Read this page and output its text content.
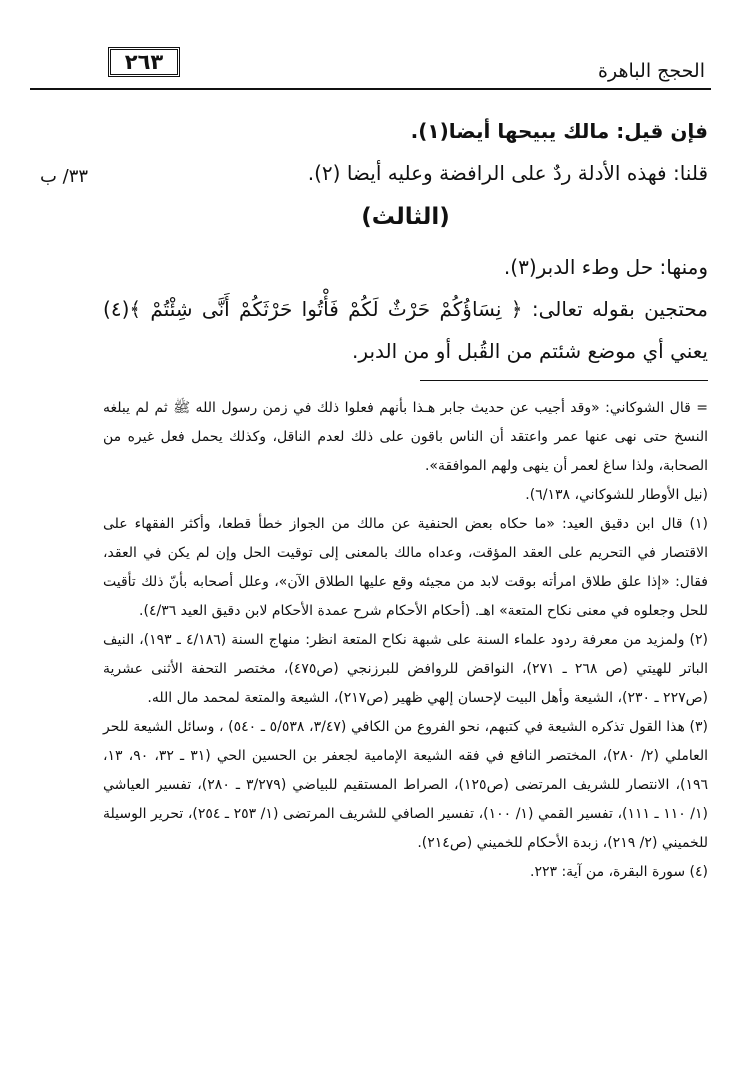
٢٦٣	الحجج الباهرة
٣٣/ ب

فإن قيل: مالك يبيحها أيضا(١).

قلنا: فهذه الأدلة ردٌ على الرافضة وعليه أيضا (٢).

(الثالث)

ومنها: حل وطء الدبر(٣).

محتجين بقوله تعالى: ﴿ نِسَاؤُكُمْ حَرْثٌ لَكُمْ فَأْتُوا حَرْثَكُمْ أَنَّى شِئْتُمْ ﴾(٤) يعني أي موضع شئتم من القُبل أو من الدبر.

= قال الشوكاني: «وقد أجيب عن حديث جابر هـذا بأنهم فعلوا ذلك في زمن رسول الله ﷺ ثم لم يبلغه النسخ حتى نهى عنها عمر واعتقد أن الناس باقون على ذلك لعدم الناقل، وكذلك يحمل فعل غيره من الصحابة، ولذا ساغ لعمر أن ينهى ولهم الموافقة».

(نيل الأوطار للشوكاني، ٦/١٣٨).

(١) قال ابن دقيق العيد: «ما حكاه بعض الحنفية عن مالك من الجواز خطأ قطعا، وأكثر الفقهاء على الاقتصار في التحريم على العقد المؤقت، وعداه مالك بالمعنى إلى توقيت الحل وإن لم يكن في العقد، فقال: «إذا علق طلاق امرأته بوقت لابد من مجيئه وقع عليها الطلاق الآن»، وعلل أصحابه بأنّ ذلك تأقيت للحل وجعلوه في معنى نكاح المتعة» اهـ. (أحكام الأحكام شرح عمدة الأحكام لابن دقيق العيد ٤/٣٦).

(٢) ولمزيد من معرفة ردود علماء السنة على شبهة نكاح المتعة انظر: منهاج السنة (٤/١٨٦ ـ ١٩٣)، النيف الباتر للهيتي (ص ٢٦٨ ـ ٢٧١)، النواقض للروافض للبرزنجي (ص٤٧٥)، مختصر التحفة الأثنى عشرية (ص٢٢٧ ـ ٢٣٠)، الشيعة وأهل البيت لإحسان إلهي ظهير (ص٢١٧)، الشيعة والمتعة لمحمد مال الله.

(٣) هذا القول تذكره الشيعة في كتبهم، نحو الفروع من الكافي (٣/٤٧، ٥/٥٣٨ ـ ٥٤٠) ، وسائل الشيعة للحر العاملي (٢/ ٢٨٠)، المختصر النافع في فقه الشيعة الإمامية لجعفر بن الحسين الحي (٣١ ـ ٣٢، ٩٠، ١٣، ١٩٦)، الانتصار للشريف المرتضى (ص١٢٥)، الصراط المستقيم للبياضي (٣/٢٧٩ ـ ٢٨٠)، تفسير العياشي (١/ ١١٠ ـ ١١١)، تفسير القمي (١/ ١٠٠)، تفسير الصافي للشريف المرتضى (١/ ٢٥٣ ـ ٢٥٤)، تحرير الوسيلة للخميني (٢/ ٢١٩)، زبدة الأحكام للخميني (ص٢١٤).

(٤) سورة البقرة، من آية: ٢٢٣.
